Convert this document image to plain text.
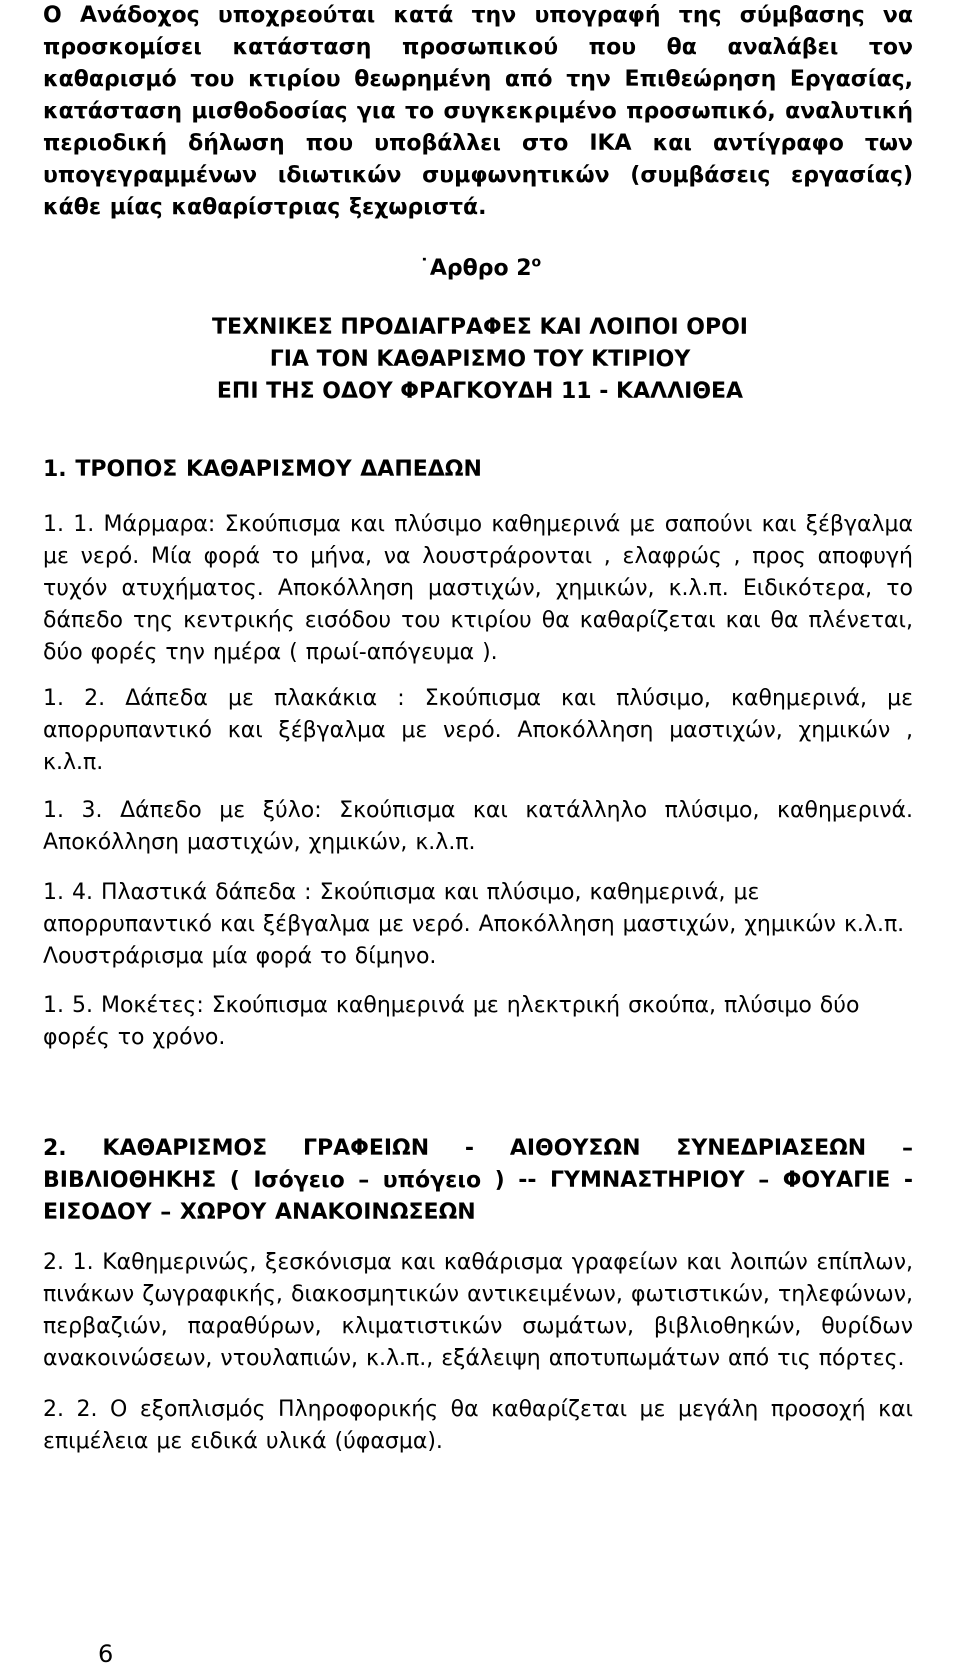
Ο Ανάδοχος υποχρεούται κατά την υπογραφή της σύμβασης να προσκομίσει κατάσταση προσωπικού που θα αναλάβει τον καθαρισμό του κτιρίου θεωρημένη από την Επιθεώρηση Εργασίας, κατάσταση μισθοδοσίας για το συγκεκριμένο προσωπικό, αναλυτική περιοδική δήλωση που υποβάλλει στο ΙΚΑ και αντίγραφο των υπογεγραμμένων ιδιωτικών συμφωνητικών (συμβάσεις εργασίας) κάθε μίας καθαρίστριας ξεχωριστά.
˙Αρθρο $2^o$
ΤΕΧΝΙΚΕΣ ΠΡΟΔΙΑΓΡΑΦΕΣ ΚΑΙ ΛΟΙΠΟΙ ΟΡΟΙ
ΓΙΑ ΤΟΝ ΚΑΘΑΡΙΣΜΟ ΤΟΥ ΚΤΙΡΙΟΥ
ΕΠΙ ΤΗΣ ΟΔΟΥ ΦΡΑΓΚΟΥΔΗ 11 - ΚΑΛΛΙΘΕΑ
1. ΤΡΟΠΟΣ ΚΑΘΑΡΙΣΜΟΥ ΔΑΠΕΔΩΝ
1. 1. Μάρμαρα: Σκούπισμα και πλύσιμο καθημερινά με σαπούνι και ξέβγαλμα με νερό. Μία φορά το μήνα, να λουστράρονται , ελαφρώς , προς αποφυγή τυχόν ατυχήματος. Αποκόλληση μαστιχών, χημικών, κ.λ.π. Ειδικότερα, το δάπεδο της κεντρικής εισόδου του κτιρίου θα καθαρίζεται και θα πλένεται, δύο φορές την ημέρα ( πρωί-απόγευμα ).
1. 2. Δάπεδα με πλακάκια : Σκούπισμα και πλύσιμο, καθημερινά, με απορρυπαντικό και ξέβγαλμα με νερό. Αποκόλληση μαστιχών, χημικών , κ.λ.π.
1. 3. Δάπεδο με ξύλο: Σκούπισμα και κατάλληλο πλύσιμο, καθημερινά. Αποκόλληση μαστιχών, χημικών, κ.λ.π.
1. 4. Πλαστικά δάπεδα : Σκούπισμα και πλύσιμο, καθημερινά, με απορρυπαντικό και ξέβγαλμα με νερό. Αποκόλληση μαστιχών, χημικών κ.λ.π. Λουστράρισμα μία φορά το δίμηνο.
1. 5. Μοκέτες: Σκούπισμα καθημερινά με ηλεκτρική σκούπα, πλύσιμο δύο φορές το χρόνο.
2. ΚΑΘΑΡΙΣΜΟΣ ΓΡΑΦΕΙΩΝ - ΑΙΘΟΥΣΩΝ ΣΥΝΕΔΡΙΑΣΕΩΝ – ΒΙΒΛΙΟΘΗΚΗΣ ( Ισόγειο – υπόγειο ) -- ΓΥΜΝΑΣΤΗΡΙΟΥ – ΦΟΥΑΓΙΕ - ΕΙΣΟΔΟΥ – ΧΩΡΟΥ ΑΝΑΚΟΙΝΩΣΕΩΝ
2. 1. Καθημερινώς, ξεσκόνισμα και καθάρισμα γραφείων και λοιπών επίπλων, πινάκων ζωγραφικής, διακοσμητικών αντικειμένων, φωτιστικών, τηλεφώνων, περβαζιών, παραθύρων, κλιματιστικών σωμάτων, βιβλιοθηκών, θυρίδων ανακοινώσεων, ντουλαπιών, κ.λ.π., εξάλειψη αποτυπωμάτων από τις πόρτες.
2. 2. Ο εξοπλισμός Πληροφορικής θα καθαρίζεται με μεγάλη προσοχή και επιμέλεια με ειδικά υλικά (ύφασμα).
6
